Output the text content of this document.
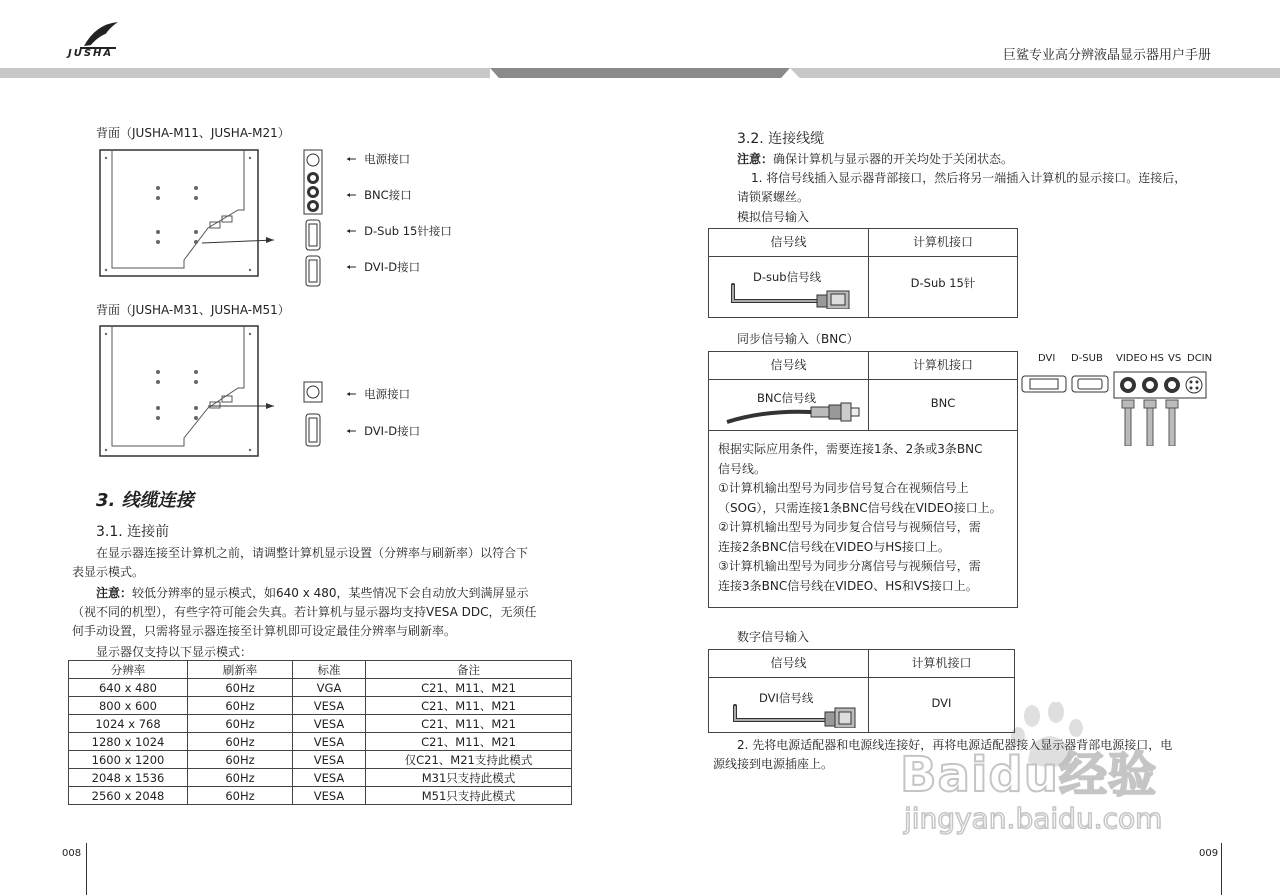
JUSHA	巨鲨专业高分辨液晶显示器用户手册
背面（JUSHA-M11、JUSHA-M21）
🠔 电源接口
🠔 BNC接口
🠔 D-Sub 15针接口
🠔 DVI-D接口
背面（JUSHA-M31、JUSHA-M51）
🠔 电源接口
🠔 DVI-D接口
3. 线缆连接
3.1. 连接前
在显示器连接至计算机之前，请调整计算机显示设置（分辨率与刷新率）以符合下
表显示模式。
注意：较低分辨率的显示模式，如640 x 480，某些情况下会自动放大到满屏显示
（视不同的机型），有些字符可能会失真。若计算机与显示器均支持VESA DDC，无须任
何手动设置，只需将显示器连接至计算机即可设定最佳分辨率与刷新率。
显示器仅支持以下显示模式：
分辨率	刷新率	标准	备注
640 x 480	60Hz	VGA	C21、M11、M21
800 x 600	60Hz	VESA	C21、M11、M21
1024 x 768	60Hz	VESA	C21、M11、M21
1280 x 1024	60Hz	VESA	C21、M11、M21
1600 x 1200	60Hz	VESA	仅C21、M21支持此模式
2048 x 1536	60Hz	VESA	M31只支持此模式
2560 x 2048	60Hz	VESA	M51只支持此模式
008
3.2. 连接线缆
注意：确保计算机与显示器的开关均处于关闭状态。
1. 将信号线插入显示器背部接口，然后将另一端插入计算机的显示接口。连接后，
请锁紧螺丝。
模拟信号输入
信号线	计算机接口
D-sub信号线	D-Sub 15针
同步信号输入（BNC）
信号线	计算机接口
BNC信号线	BNC
根据实际应用条件，需要连接1条、2条或3条BNC
信号线。
①计算机输出型号为同步信号复合在视频信号上
（SOG），只需连接1条BNC信号线在VIDEO接口上。
②计算机输出型号为同步复合信号与视频信号，需
连接2条BNC信号线在VIDEO与HS接口上。
③计算机输出型号为同步分离信号与视频信号，需
连接3条BNC信号线在VIDEO、HS和VS接口上。
DVI D-SUB VIDEO HS VS DCIN
数字信号输入
信号线	计算机接口
DVI信号线	DVI
2. 先将电源适配器和电源线连接好，再将电源适配器接入显示器背部电源接口，电
源线接到电源插座上。
009
Baidu经验
jingyan.baidu.com
